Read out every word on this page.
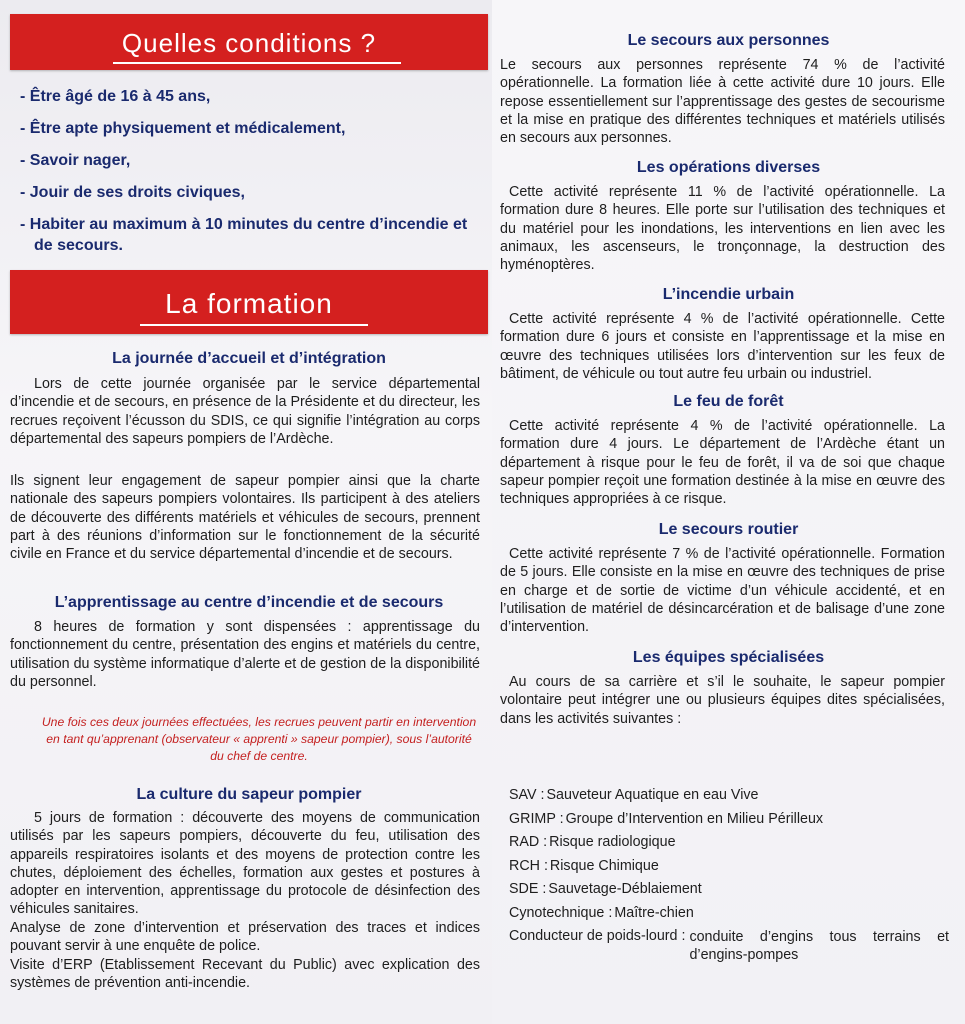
Quelles conditions ?
- Être âgé de 16 à 45 ans,
- Être apte physiquement et médicalement,
- Savoir nager,
- Jouir de ses droits civiques,
- Habiter au maximum à 10 minutes du centre d’incendie et de secours.
La formation
La journée d’accueil et d’intégration

Lors de cette journée organisée par le service départemental d’incendie et de secours, en présence de la Présidente et du directeur, les recrues reçoivent l’écusson du SDIS, ce qui signifie l’intégration au corps départemental des sapeurs pompiers de l’Ardèche.

Ils signent leur engagement de sapeur pompier ainsi que la charte nationale des sapeurs pompiers volontaires. Ils participent à des ateliers de découverte des différents matériels et véhicules de secours, prennent part à des réunions d’information sur le fonctionnement de la sécurité civile en France et du service départemental d’incendie et de secours.

L’apprentissage au centre d’incendie et de secours

8 heures de formation y sont dispensées : apprentissage du fonctionnement du centre, présentation des engins et matériels du centre, utilisation du système informatique d’alerte et de gestion de la disponibilité du personnel.

Une fois ces deux journées effectuées, les recrues peuvent partir en intervention en tant qu’apprenant (observateur « apprenti » sapeur pompier), sous l’autorité du chef de centre.

La culture du sapeur pompier

5 jours de formation : découverte des moyens de communication utilisés par les sapeurs pompiers, découverte du feu, utilisation des appareils respiratoires isolants et des moyens de protection contre les chutes, déploiement des échelles, formation aux gestes et postures à adopter en intervention, apprentissage du protocole de désinfection des véhicules sanitaires.

Analyse de zone d’intervention et préservation des traces et indices pouvant servir à une enquête de police.

Visite d’ERP (Etablissement Recevant du Public) avec explication des systèmes de prévention anti-incendie.

Le secours aux personnes

Le secours aux personnes représente 74 % de l’activité opérationnelle. La formation liée à cette activité dure 10 jours. Elle repose essentiellement sur l’apprentissage des gestes de secourisme et la mise en pratique des différentes techniques et matériels utilisés en secours aux personnes.

Les opérations diverses

Cette activité représente 11 % de l’activité opérationnelle. La formation dure 8 heures. Elle porte sur l’utilisation des techniques et du matériel pour les inondations, les interventions en lien avec les animaux, les ascenseurs, le tronçonnage, la destruction des hyménoptères.

L’incendie urbain

Cette activité représente 4 % de l’activité opérationnelle. Cette formation dure 6 jours et consiste en l’apprentissage et la mise en œuvre des techniques utilisées lors d’intervention sur les feux de bâtiment, de véhicule ou tout autre feu urbain ou industriel.

Le feu de forêt

Cette activité représente 4 % de l’activité opérationnelle. La formation dure 4 jours. Le département de l’Ardèche étant un département à risque pour le feu de forêt, il va de soi que chaque sapeur pompier reçoit une formation destinée à la mise en œuvre des techniques appropriées à ce risque.

Le secours routier

Cette activité représente 7 % de l’activité opérationnelle. Formation de 5 jours. Elle consiste en la mise en œuvre des techniques de prise en charge et de sortie de victime d’un véhicule accidenté, et en l’utilisation de matériel de désincarcération et de balisage d’une zone d’intervention.

Les équipes spécialisées

Au cours de sa carrière et s’il le souhaite, le sapeur pompier volontaire peut intégrer une ou plusieurs équipes dites spécialisées, dans les activités suivantes :

SAV : Sauveteur Aquatique en eau Vive
GRIMP : Groupe d’Intervention en Milieu Périlleux
RAD : Risque radiologique
RCH : Risque Chimique
SDE : Sauvetage-Déblaiement
Cynotechnique : Maître-chien
Conducteur de poids-lourd : conduite d’engins tous terrains et d’engins-pompes
